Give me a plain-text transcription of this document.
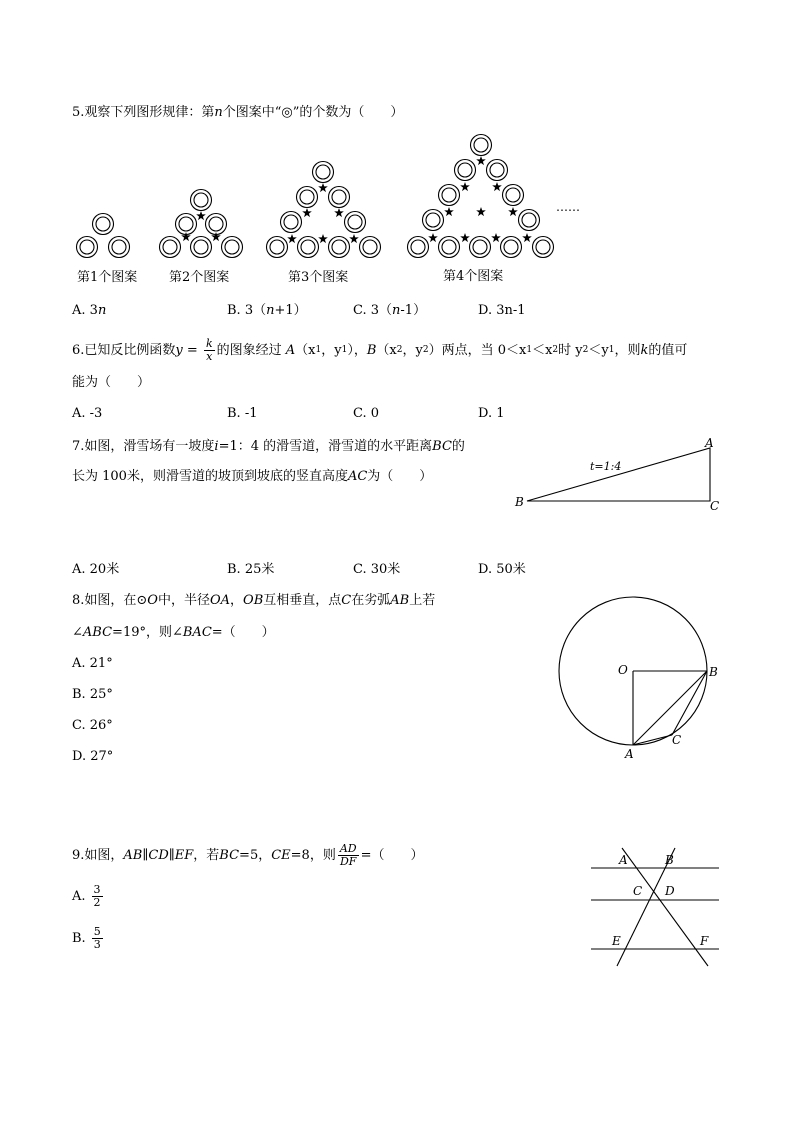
5.观察下列图形规律：第n个图案中“◎”的个数为（　　）
……
第1个图案 第2个图案	第3个图案	第4个图案
A. 3n	B. 3（n+1）	C. 3（n-1）	D. 3n-1
6.已知反比例函数 $y = \frac{k}{x}$ 的图象经过
A （x 1 ，y 1 ）， B （x 2 ，y 2 ）两点，当 0＜x 1 ＜x 2 时 y 2 ＜y 1 ，则 k 的值可
能为（　　）
A. -3	B. -1	C. 0	D. 1
7.如图，滑雪场有一坡度i=1：4 的滑雪道，滑雪道的水平距离BC的
长为 100米，则滑雪道的坡顶到坡底的竖直高度AC为（　　）
A
B	C
t=1:4
A. 20米	B. 25米	C. 30米	D. 50米
8.如图，在⊙O中，半径OA，OB互相垂直，点C在劣弧AB上若
∠ABC=19°，则∠BAC=（　　）
A. 21°
B. 25°
C. 26°
D. 27°
O	B
A
C
9.如图， AB ∥ CD ∥ EF ，若 BC =5， CE =8，则 $\frac{AD}{DF}$ =（　　）
A. $\frac{3}{2}$
B. $\frac{5}{3}$
A	B
C D
E	F
